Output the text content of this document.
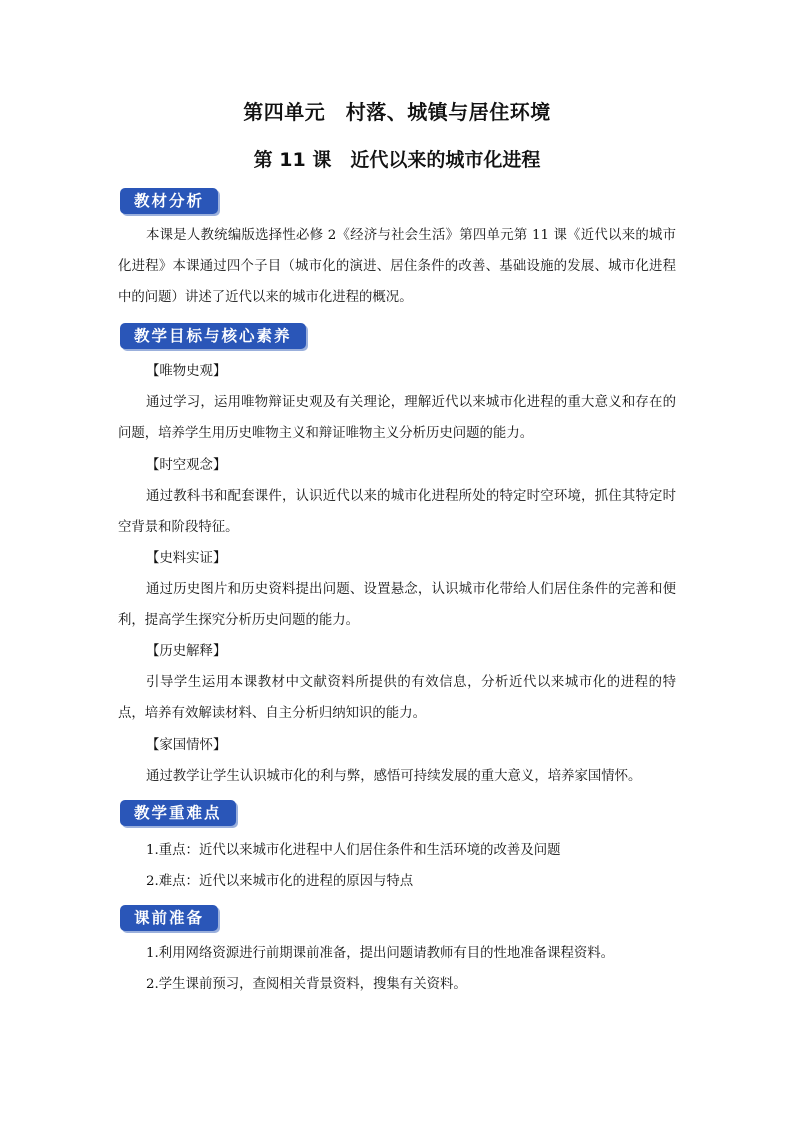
第四单元　村落、城镇与居住环境
第 11 课　近代以来的城市化进程
教材分析

本课是人教统编版选择性必修 2《经济与社会生活》第四单元第 11 课《近代以来的城市化进程》本课通过四个子目（城市化的演进、居住条件的改善、基础设施的发展、城市化进程中的问题）讲述了近代以来的城市化进程的概况。

教学目标与核心素养

【唯物史观】

通过学习，运用唯物辩证史观及有关理论，理解近代以来城市化进程的重大意义和存在的问题，培养学生用历史唯物主义和辩证唯物主义分析历史问题的能力。

【时空观念】

通过教科书和配套课件，认识近代以来的城市化进程所处的特定时空环境，抓住其特定时空背景和阶段特征。

【史料实证】

通过历史图片和历史资料提出问题、设置悬念，认识城市化带给人们居住条件的完善和便利，提高学生探究分析历史问题的能力。

【历史解释】

引导学生运用本课教材中文献资料所提供的有效信息，分析近代以来城市化的进程的特点，培养有效解读材料、自主分析归纳知识的能力。

【家国情怀】

通过教学让学生认识城市化的利与弊，感悟可持续发展的重大意义，培养家国情怀。

教学重难点

1.重点：近代以来城市化进程中人们居住条件和生活环境的改善及问题

2.难点：近代以来城市化的进程的原因与特点

课前准备

1.利用网络资源进行前期课前准备，提出问题请教师有目的性地准备课程资料。

2.学生课前预习，查阅相关背景资料，搜集有关资料。
